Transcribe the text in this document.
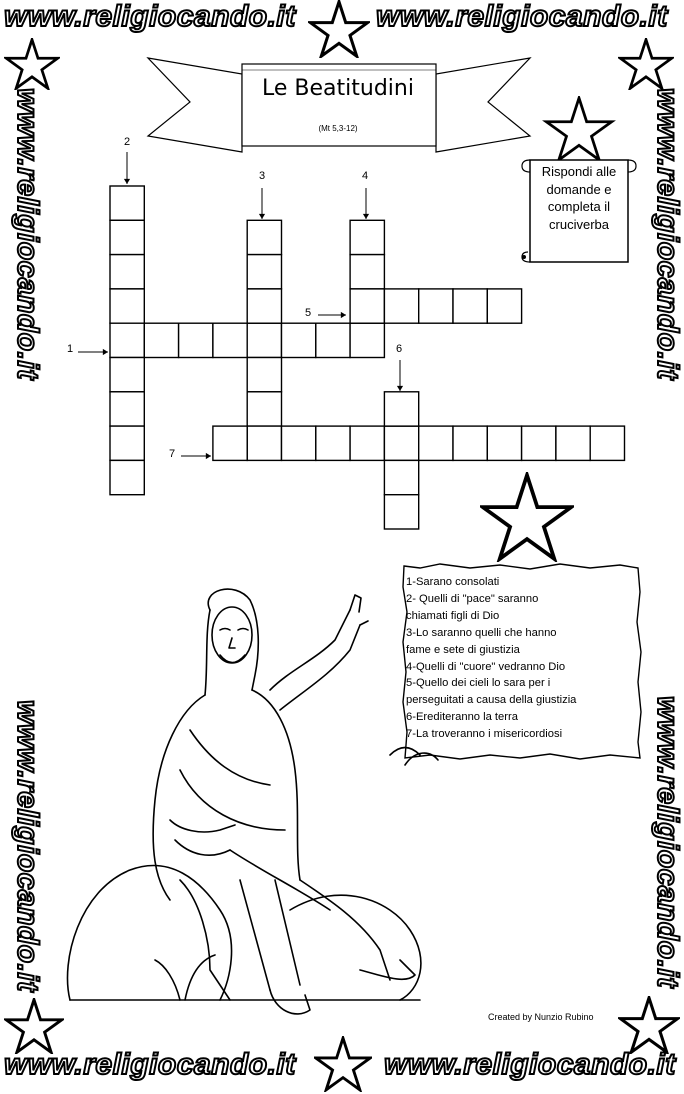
www.religiocando.it	www.religiocando.it
www.religiocando.it	www.religiocando.it
www.religiocando.it
www.religiocando.it
www.religiocando.it
www.religiocando.it
Le Beatitudini
(Mt 5,3-12)
Rispondi alle
domande e
completa il
cruciverba
1
2
3	4
5
6
7
1-Sarano consolati
2- Quelli di "pace" saranno
chiamati figli di Dio
3-Lo saranno quelli che hanno
fame e sete di giustizia
4-Quelli di "cuore" vedranno Dio
5-Quello dei cieli lo sara per i
perseguitati a causa della giustizia
6-Erediteranno la terra
7-La troveranno i misericordiosi
Created by Nunzio Rubino
